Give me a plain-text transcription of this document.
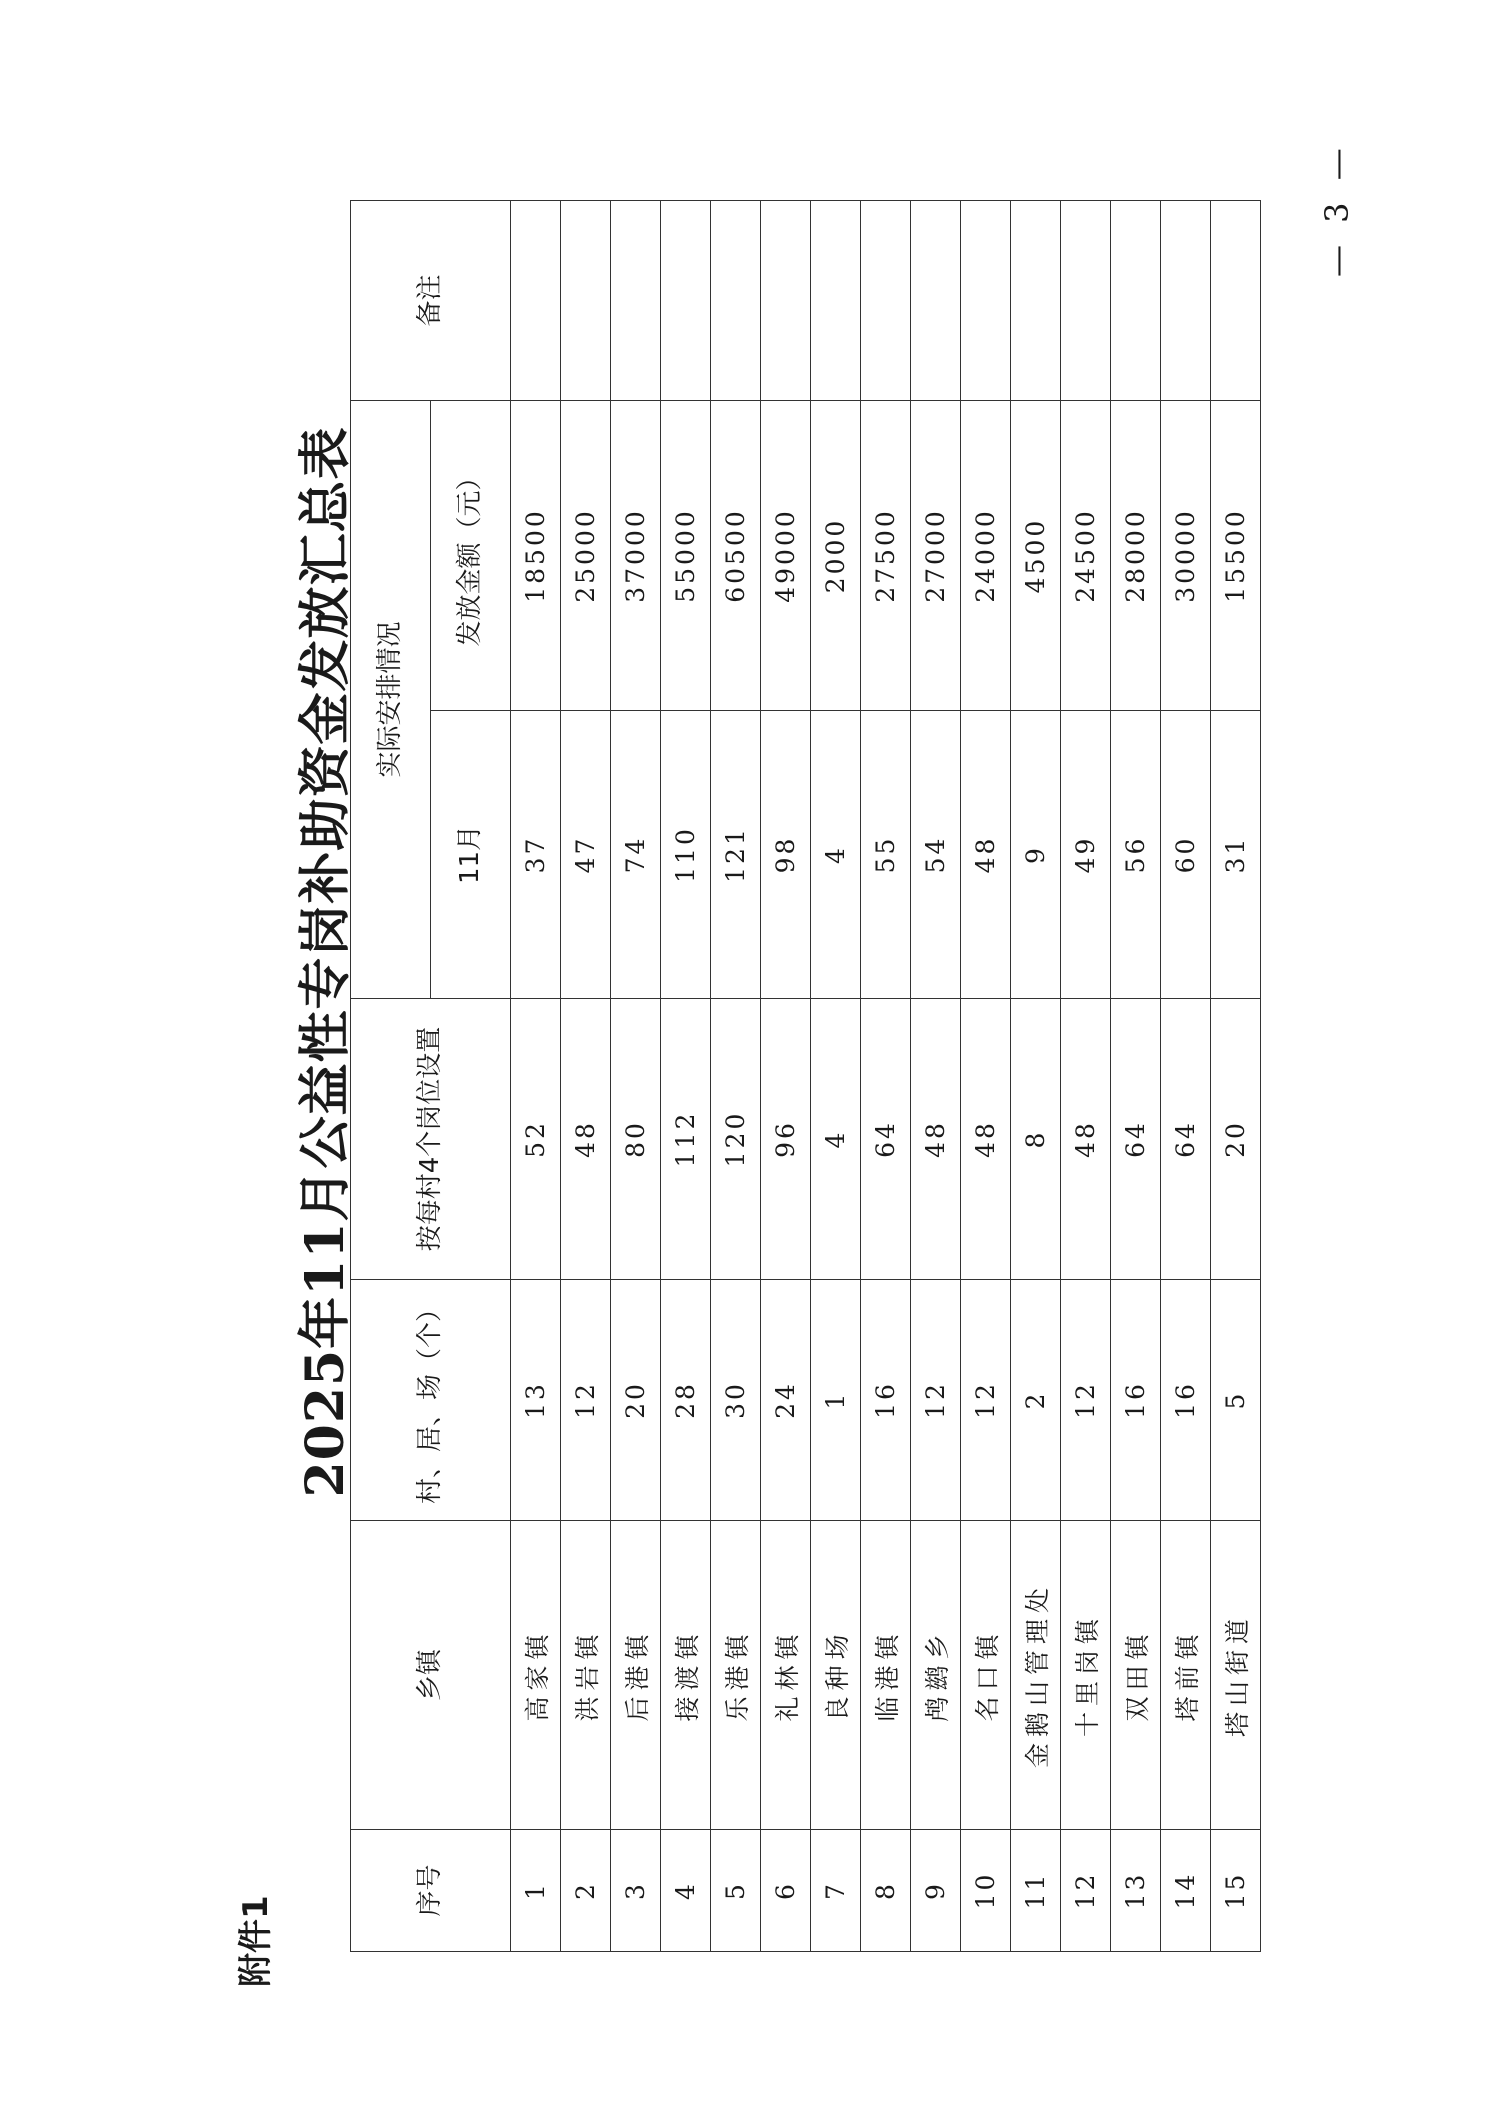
附件1
2025年11月公益性专岗补助资金发放汇总表
序号	乡镇	村、居、场（个）	按每村4个岗位设置	实际安排情况		备注
				11月	发放金额（元）	
1	高家镇	13	52	37	18500	
2	洪岩镇	12	48	47	25000	
3	后港镇	20	80	74	37000	
4	接渡镇	28	112	110	55000	
5	乐港镇	30	120	121	60500	
6	礼林镇	24	96	98	49000	
7	良种场	1	4	4	2000	
8	临港镇	16	64	55	27500	
9	鸬鹚乡	12	48	54	27000	
10	名口镇	12	48	48	24000	
11	金鹅山管理处	2	8	9	4500	
12	十里岗镇	12	48	49	24500	
13	双田镇	16	64	56	28000	
14	塔前镇	16	64	60	30000	
15	塔山街道	5	20	31	15500	
— 3 —
